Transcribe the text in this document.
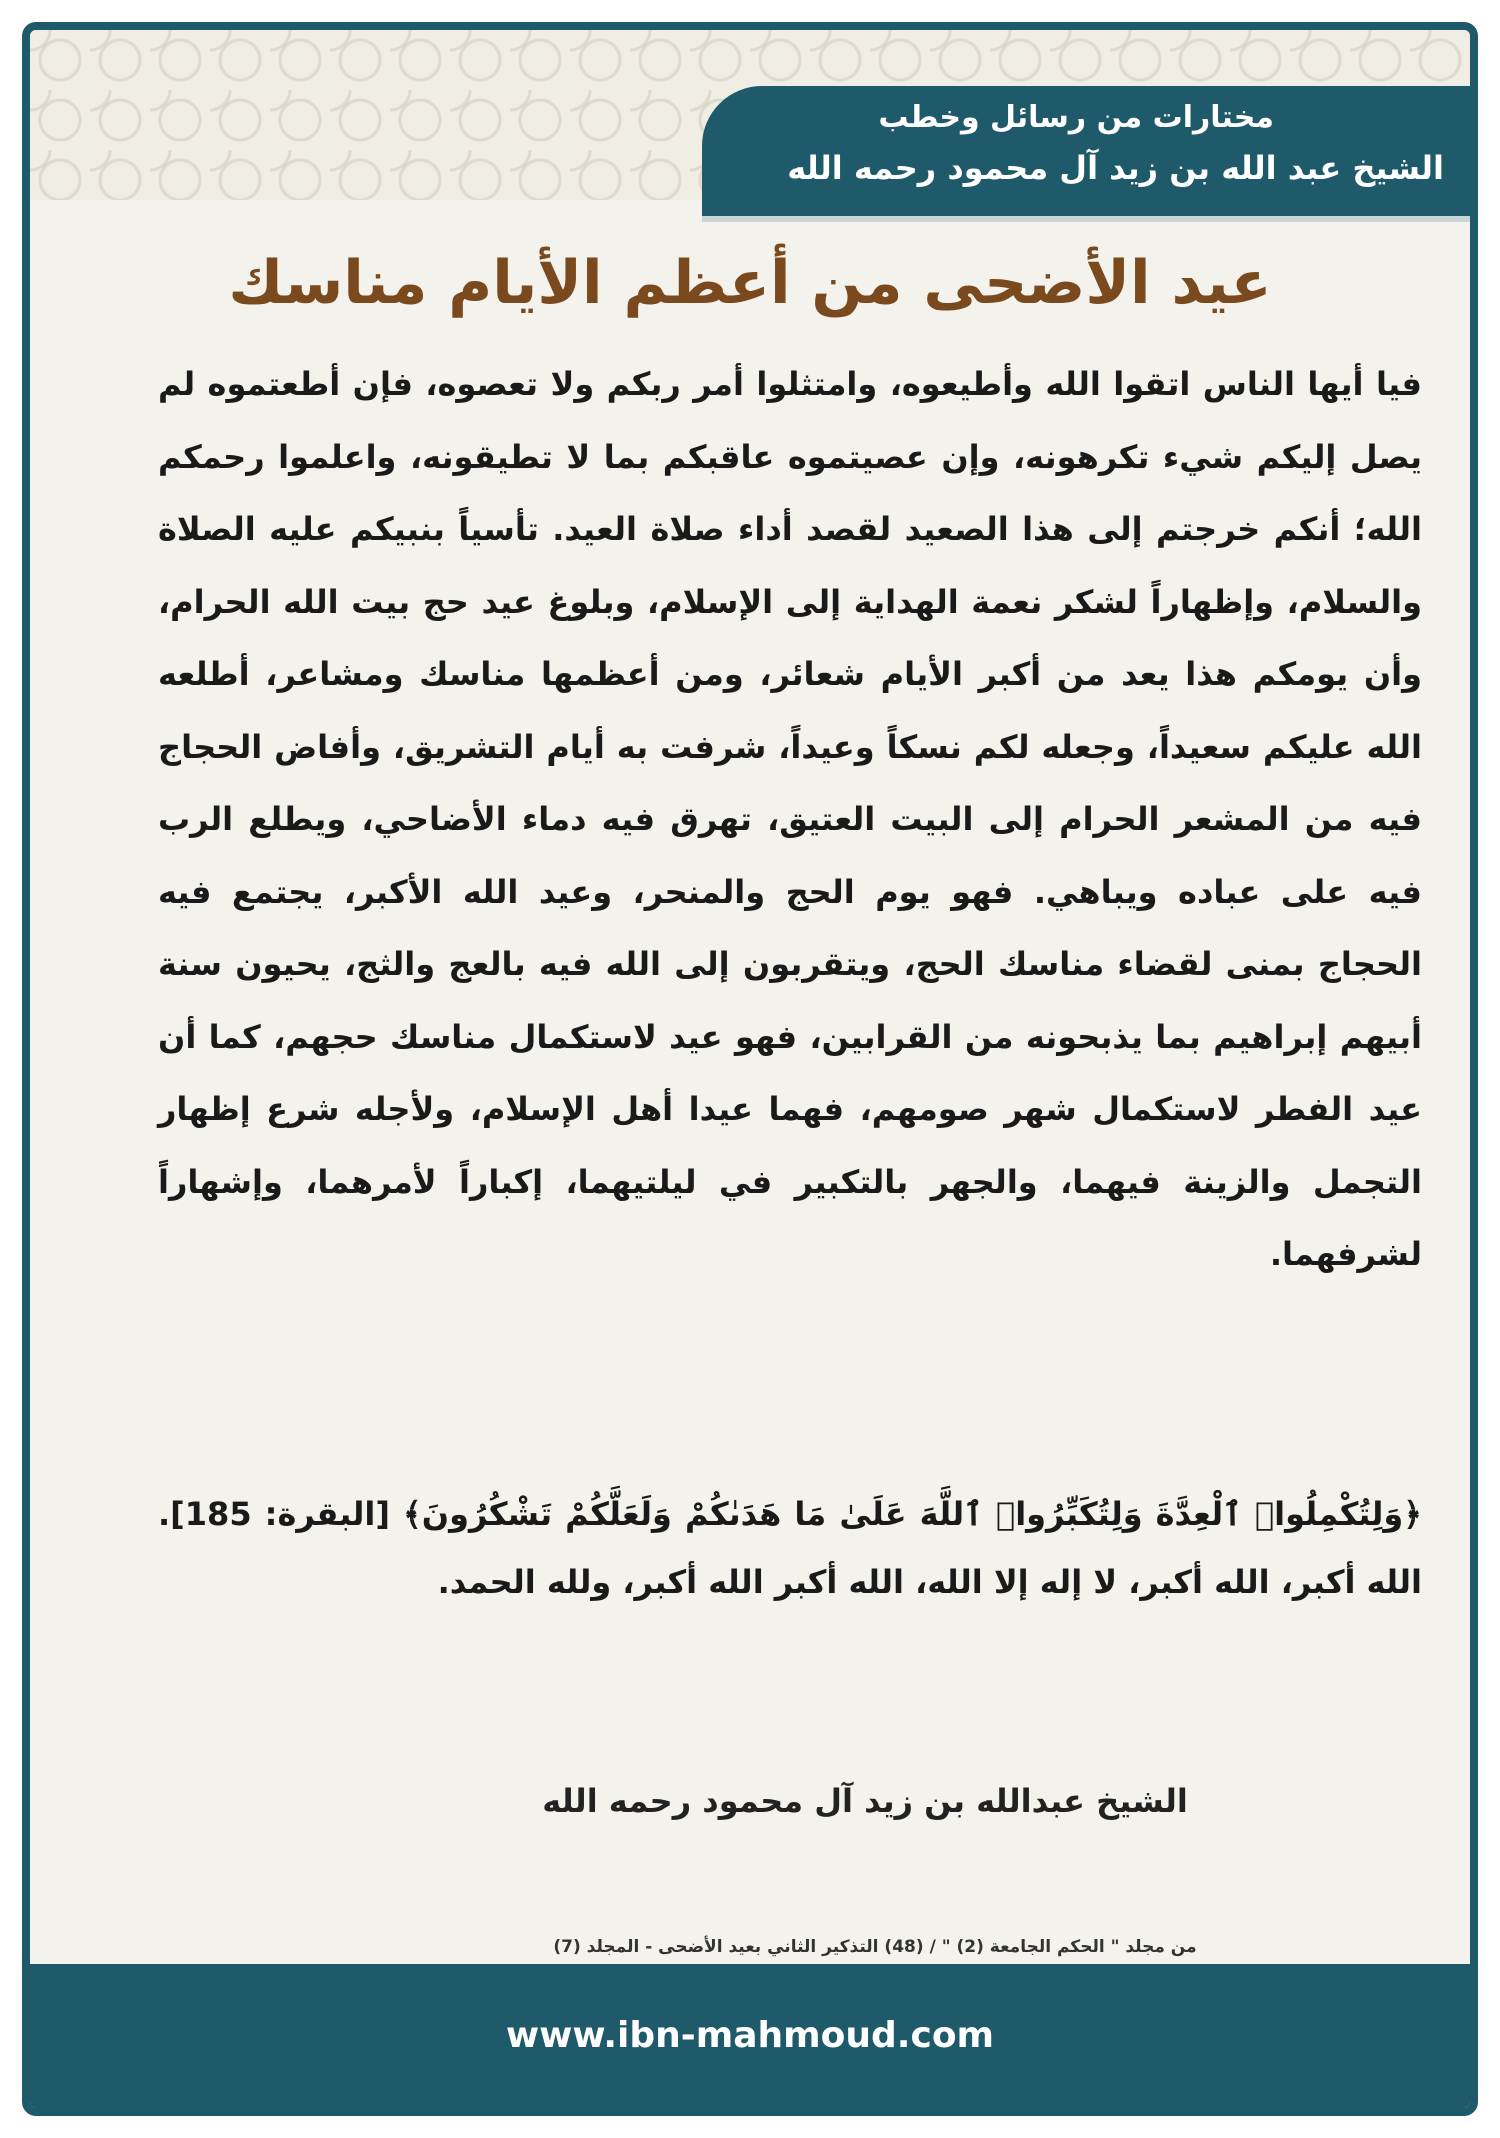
مختارات من رسائل وخطب
الشيخ عبد الله بن زيد آل محمود رحمه الله
عيد الأضحى من أعظم الأيام مناسك

فيا أيها الناس اتقوا الله وأطيعوه، وامتثلوا أمر ربكم ولا تعصوه، فإن أطعتموه لم يصل إليكم شيء تكرهونه، وإن عصيتموه عاقبكم بما لا تطيقونه، واعلموا رحمكم الله؛ أنكم خرجتم إلى هذا الصعيد لقصد أداء صلاة العيد. تأسياً بنبيكم عليه الصلاة والسلام، وإظهاراً لشكر نعمة الهداية إلى الإسلام، وبلوغ عيد حج بيت الله الحرام، وأن يومكم هذا يعد من أكبر الأيام شعائر، ومن أعظمها مناسك ومشاعر، أطلعه الله عليكم سعيداً، وجعله لكم نسكاً وعيداً، شرفت به أيام التشريق، وأفاض الحجاج فيه من المشعر الحرام إلى البيت العتيق، تهرق فيه دماء الأضاحي، ويطلع الرب فيه على عباده ويباهي. فهو يوم الحج والمنحر، وعيد الله الأكبر، يجتمع فيه الحجاج بمنى لقضاء مناسك الحج، ويتقربون إلى الله فيه بالعج والثج، يحيون سنة أبيهم إبراهيم بما يذبحونه من القرابين، فهو عيد لاستكمال مناسك حجهم، كما أن عيد الفطر لاستكمال شهر صومهم، فهما عيدا أهل الإسلام، ولأجله شرع إظهار التجمل والزينة فيهما، والجهر بالتكبير في ليلتيهما، إكباراً لأمرهما، وإشهاراً لشرفهما.

﴿وَلِتُكْمِلُوا۟ ٱلْعِدَّةَ وَلِتُكَبِّرُوا۟ ٱللَّهَ عَلَىٰ مَا هَدَىٰكُمْ وَلَعَلَّكُمْ تَشْكُرُونَ﴾ [البقرة: 185]. الله أكبر، الله أكبر، لا إله إلا الله، الله أكبر الله أكبر، ولله الحمد.

الشيخ عبدالله بن زيد آل محمود رحمه الله
من مجلد " الحكم الجامعة (2) " / (48) التذكير الثاني بعيد الأضحى - المجلد (7)
www.ibn-mahmoud.com
